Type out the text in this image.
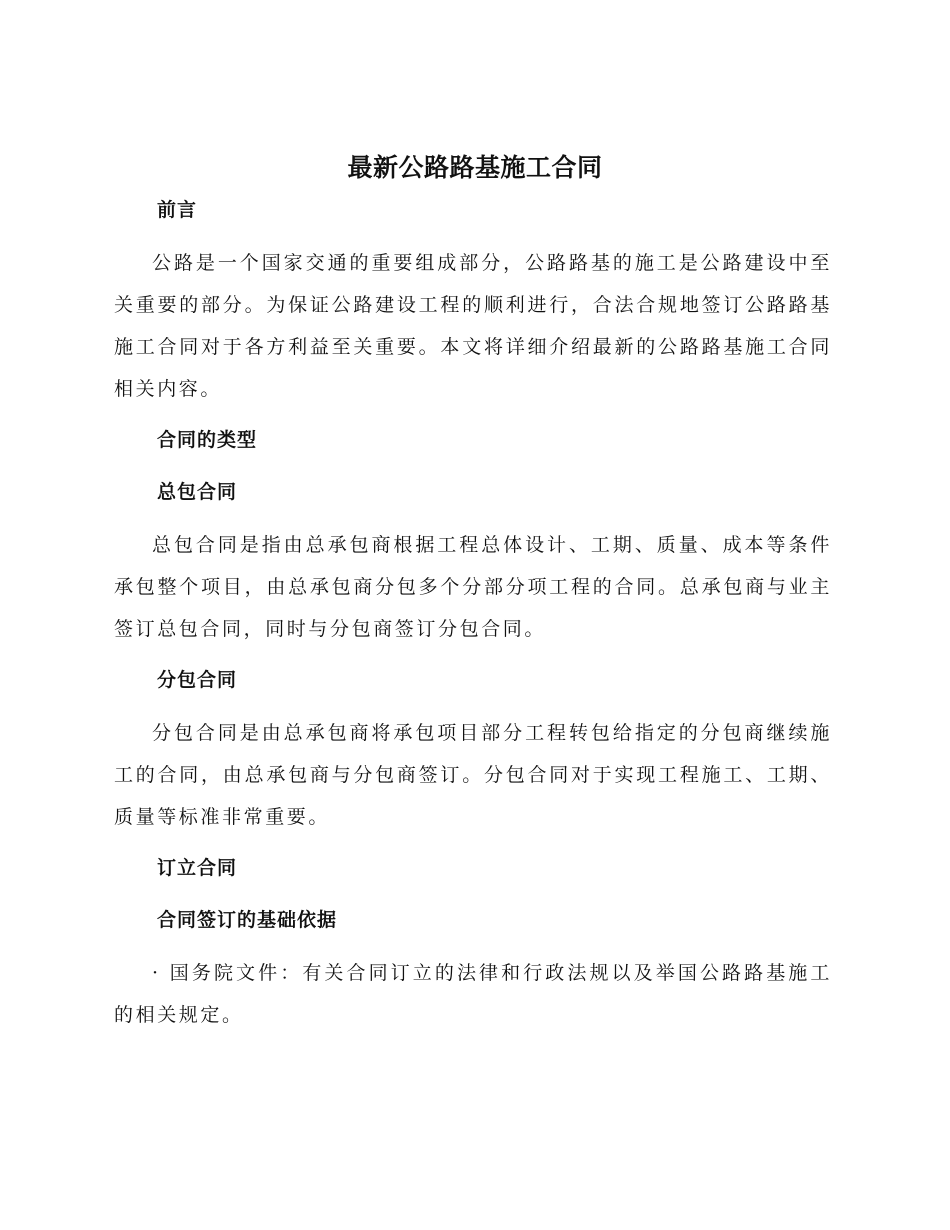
最新公路路基施工合同
前言

公路是一个国家交通的重要组成部分，公路路基的施工是公路建设中至关重要的部分。为保证公路建设工程的顺利进行，合法合规地签订公路路基施工合同对于各方利益至关重要。本文将详细介绍最新的公路路基施工合同相关内容。

合同的类型
总包合同

总包合同是指由总承包商根据工程总体设计、工期、质量、成本等条件承包整个项目，由总承包商分包多个分部分项工程的合同。总承包商与业主签订总包合同，同时与分包商签订分包合同。

分包合同

分包合同是由总承包商将承包项目部分工程转包给指定的分包商继续施工的合同，由总承包商与分包商签订。分包合同对于实现工程施工、工期、质量等标准非常重要。

订立合同
合同签订的基础依据

· 国务院文件：有关合同订立的法律和行政法规以及举国公路路基施工的相关规定。
